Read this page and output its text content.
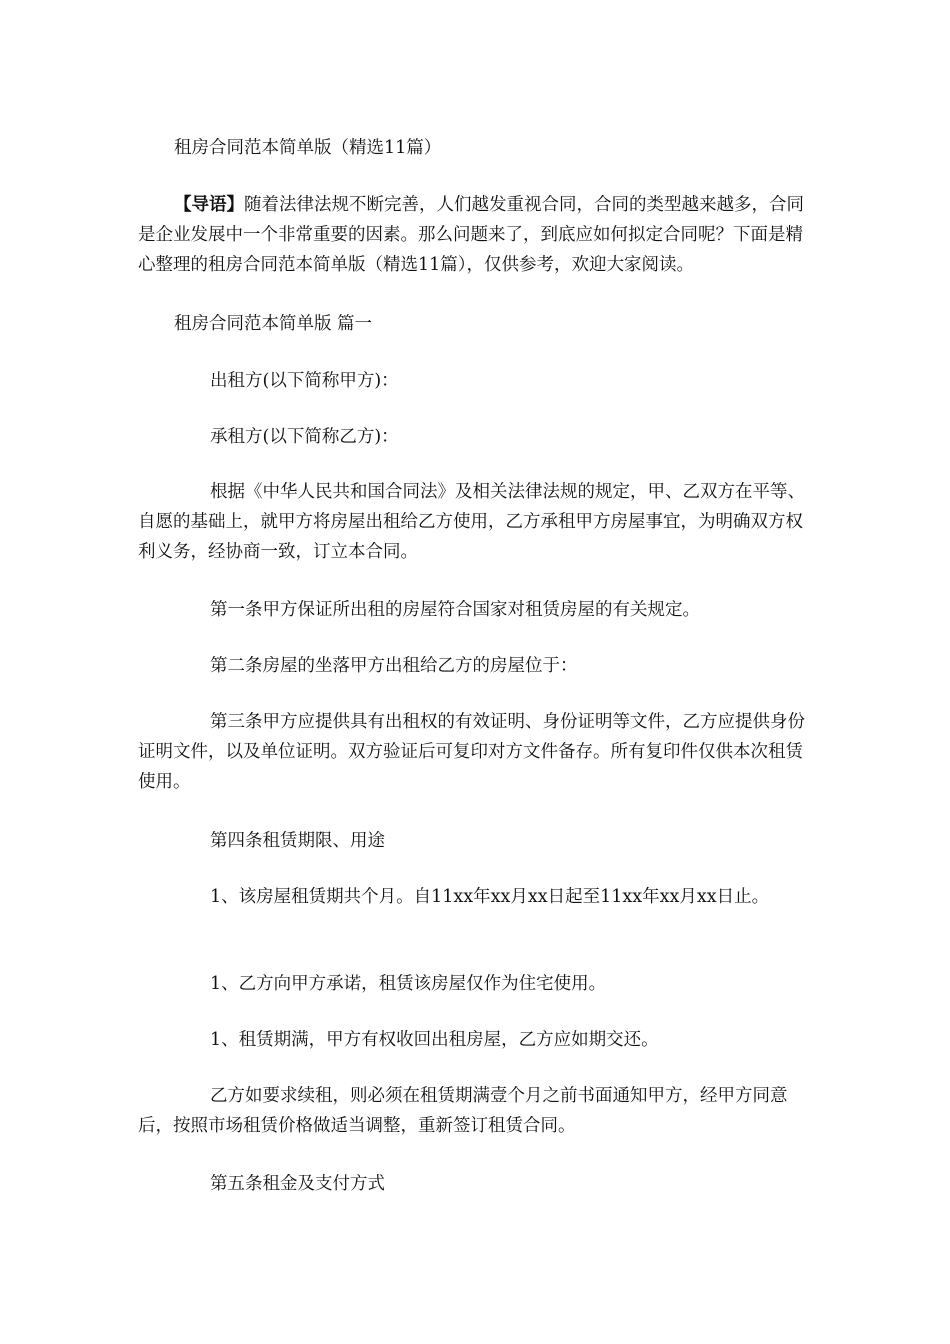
租房合同范本简单版（精选11篇）

【导语】随着法律法规不断完善，人们越发重视合同，合同的类型越来越多，合同是企业发展中一个非常重要的因素。那么问题来了，到底应如何拟定合同呢？下面是精心整理的租房合同范本简单版（精选11篇），仅供参考，欢迎大家阅读。

租房合同范本简单版 篇一

出租方(以下简称甲方)：

承租方(以下简称乙方)：

根据《中华人民共和国合同法》及相关法律法规的规定，甲、乙双方在平等、自愿的基础上，就甲方将房屋出租给乙方使用，乙方承租甲方房屋事宜，为明确双方权利义务，经协商一致，订立本合同。

第一条甲方保证所出租的房屋符合国家对租赁房屋的有关规定。

第二条房屋的坐落甲方出租给乙方的房屋位于：

第三条甲方应提供具有出租权的有效证明、身份证明等文件，乙方应提供身份证明文件，以及单位证明。双方验证后可复印对方文件备存。所有复印件仅供本次租赁使用。

第四条租赁期限、用途

1、该房屋租赁期共个月。自11xx年xx月xx日起至11xx年xx月xx日止。

1、乙方向甲方承诺，租赁该房屋仅作为住宅使用。

1、租赁期满，甲方有权收回出租房屋，乙方应如期交还。

乙方如要求续租，则必须在租赁期满壹个月之前书面通知甲方，经甲方同意后，按照市场租赁价格做适当调整，重新签订租赁合同。

第五条租金及支付方式
